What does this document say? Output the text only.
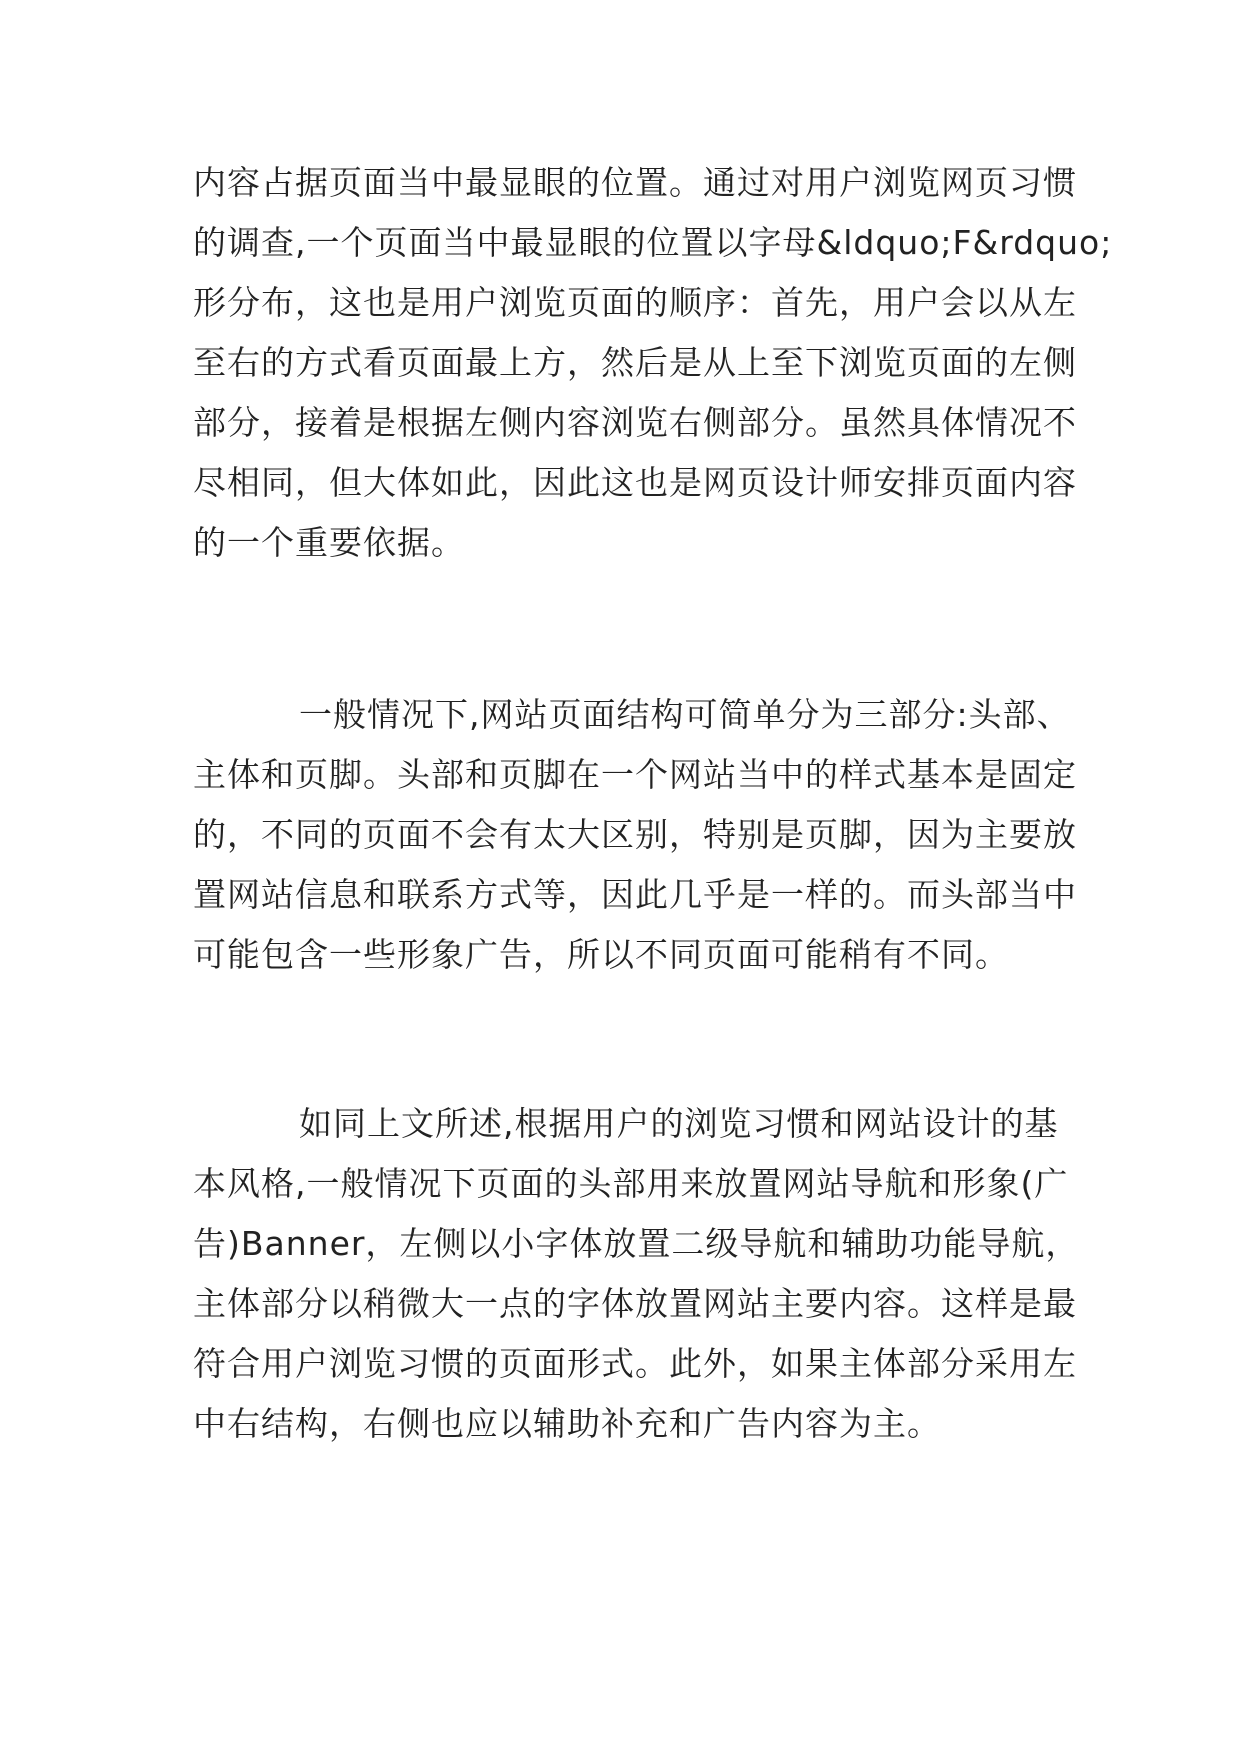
内容占据页面当中最显眼的位置。通过对用户浏览网页习惯
的调查,一个页面当中最显眼的位置以字母&ldquo;F&rdquo;
形分布，这也是用户浏览页面的顺序：首先，用户会以从左
至右的方式看页面最上方，然后是从上至下浏览页面的左侧
部分，接着是根据左侧内容浏览右侧部分。虽然具体情况不
尽相同，但大体如此，因此这也是网页设计师安排页面内容
的一个重要依据。
一般情况下,网站页面结构可简单分为三部分:头部、
主体和页脚。头部和页脚在一个网站当中的样式基本是固定
的，不同的页面不会有太大区别，特别是页脚，因为主要放
置网站信息和联系方式等，因此几乎是一样的。而头部当中
可能包含一些形象广告，所以不同页面可能稍有不同。
如同上文所述,根据用户的浏览习惯和网站设计的基
本风格,一般情况下页面的头部用来放置网站导航和形象(广
告)Banner，左侧以小字体放置二级导航和辅助功能导航，
主体部分以稍微大一点的字体放置网站主要内容。这样是最
符合用户浏览习惯的页面形式。此外，如果主体部分采用左
中右结构，右侧也应以辅助补充和广告内容为主。
